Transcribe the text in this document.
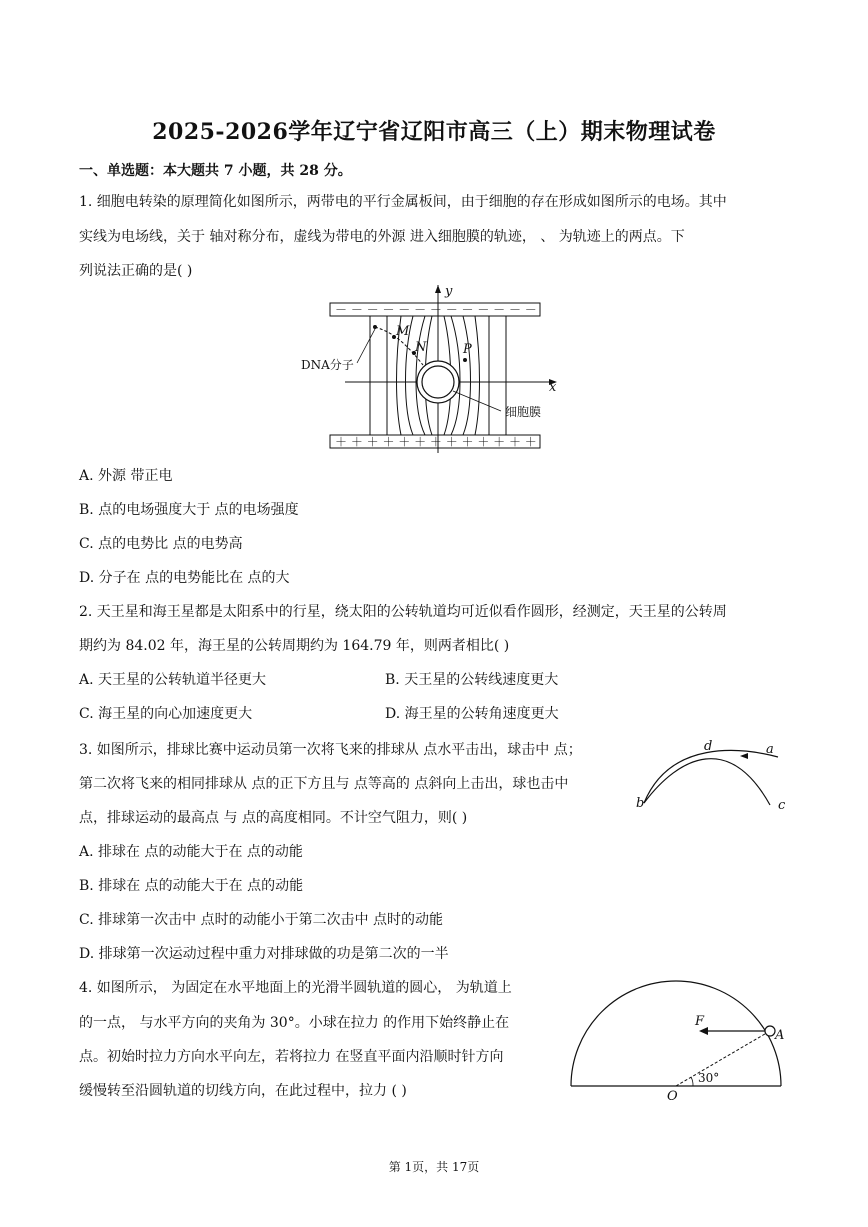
2025-2026学年辽宁省辽阳市高三（上）期末物理试卷
一、单选题：本大题共 7 小题，共 28 分。
1. 细胞电转染的原理简化如图所示，两带电的平行金属板间，由于细胞的存在形成如图所示的电场。其中
实线为电场线，关于 轴对称分布，虚线为带电的外源 进入细胞膜的轨迹， 、 为轨迹上的两点。下
列说法正确的是( )
－ － － － － － － － － － － － －
＋ ＋ ＋ ＋ ＋ ＋ ＋ ＋ ＋ ＋ ＋ ＋ ＋
y
x
M
N	P
DNA分子
细胞膜
A. 外源 带正电
B. 点的电场强度大于 点的电场强度
C. 点的电势比 点的电势高
D. 分子在 点的电势能比在 点的大
2. 天王星和海王星都是太阳系中的行星，绕太阳的公转轨道均可近似看作圆形，经测定，天王星的公转周
期约为 84.02 年，海王星的公转周期约为 164.79 年，则两者相比( )
A. 天王星的公转轨道半径更大	B. 天王星的公转线速度更大
C. 海王星的向心加速度更大	D. 海王星的公转角速度更大
3. 如图所示，排球比赛中运动员第一次将飞来的排球从 点水平击出，球击中 点；
第二次将飞来的相同排球从 点的正下方且与 点等高的 点斜向上击出，球也击中
点，排球运动的最高点 与 点的高度相同。不计空气阻力，则( )
a
b	c
d
A. 排球在 点的动能大于在 点的动能
B. 排球在 点的动能大于在 点的动能
C. 排球第一次击中 点时的动能小于第二次击中 点时的动能
D. 排球第一次运动过程中重力对排球做的功是第二次的一半
4. 如图所示， 为固定在水平地面上的光滑半圆轨道的圆心， 为轨道上
的一点， 与水平方向的夹角为 30°。小球在拉力 的作用下始终静止在
点。初始时拉力方向水平向左，若将拉力 在竖直平面内沿顺时针方向
缓慢转至沿圆轨道的切线方向，在此过程中，拉力 ( )
F
A
O
30°
第 1页，共 17页
